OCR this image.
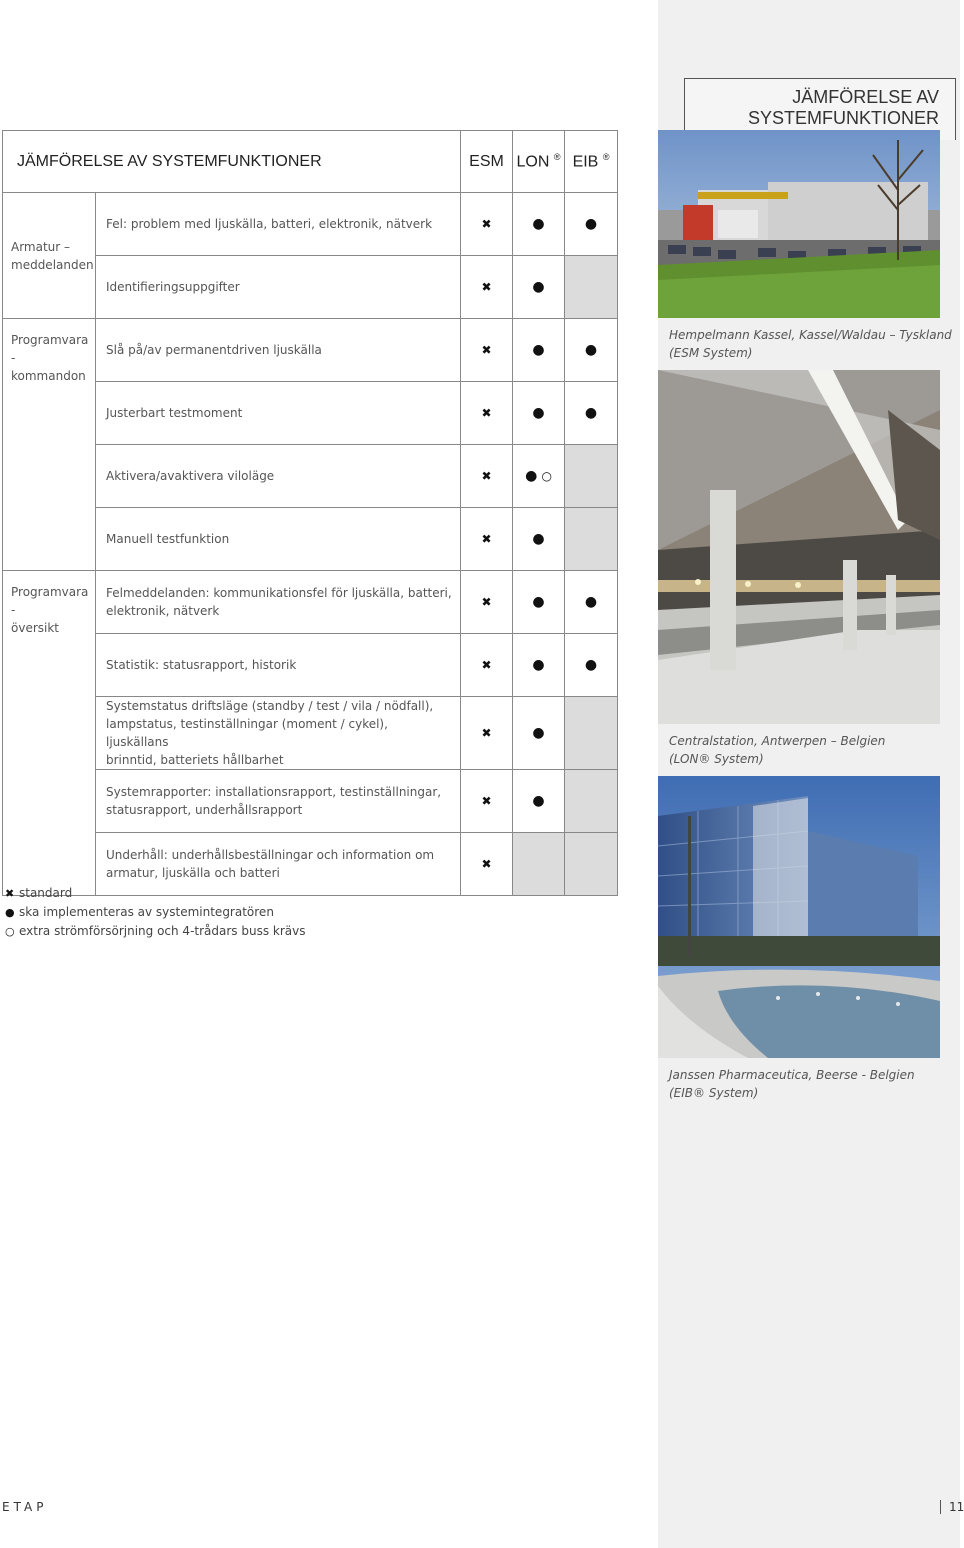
JÄMFÖRELSE AV
SYSTEMFUNKTIONER
JÄMFÖRELSE AV SYSTEMFUNKTIONER		ESM	LON ®	EIB ®
Armatur –
meddelanden	Fel: problem med ljuskälla, batteri, elektronik, nätverk	✖	●	●
	Identifieringsuppgifter	✖	●	
Programvara -
kommandon	Slå på/av permanentdriven ljuskälla	✖	●	●
	Justerbart testmoment	✖	●	●
	Aktivera/avaktivera viloläge	✖	● ○	
	Manuell testfunktion	✖	●	
Programvara -
översikt	Felmeddelanden: kommunikationsfel för ljuskälla, batteri,
elektronik, nätverk	✖	●	●
	Statistik: statusrapport, historik	✖	●	●
	Systemstatus driftsläge (standby / test / vila / nödfall),
lampstatus, testinställningar (moment / cykel), ljuskällans
brinntid, batteriets hållbarhet	✖	●	
	Systemrapporter: installationsrapport, testinställningar,
statusrapport, underhållsrapport	✖	●	
	Underhåll: underhållsbeställningar och information om
armatur, ljuskälla och batteri	✖		
✖ standard
● ska implementeras av systemintegratören
○ extra strömförsörjning och 4-trådars buss krävs
Hempelmann Kassel, Kassel/Waldau – Tyskland
(ESM System)
Centralstation, Antwerpen – Belgien
(LON® System)
Janssen Pharmaceutica, Beerse - Belgien
(EIB® System)
ETAP	11
